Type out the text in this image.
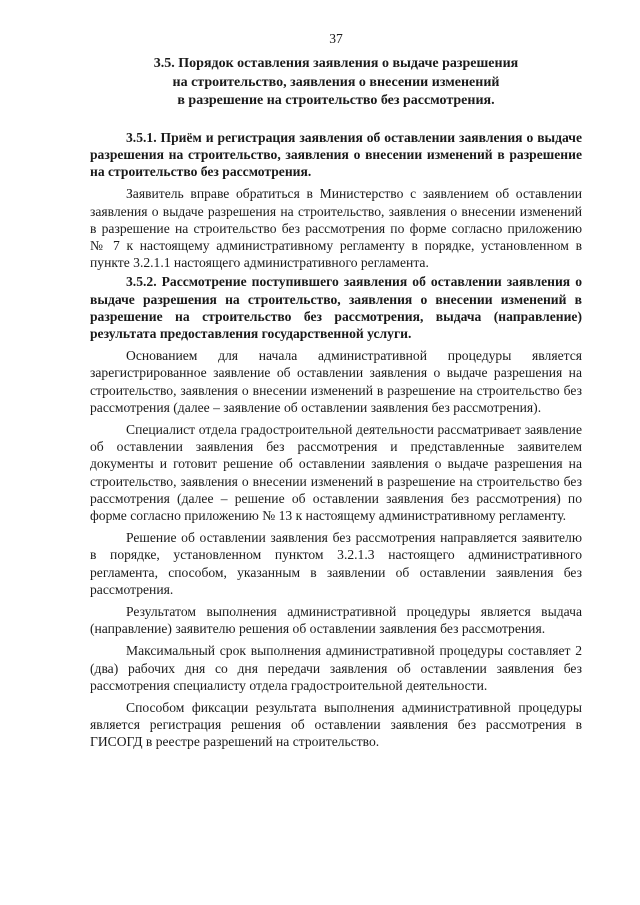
37
3.5. Порядок оставления заявления о выдаче разрешения
на строительство, заявления о внесении изменений
в разрешение на строительство без рассмотрения.

3.5.1. Приём и регистрация заявления об оставлении заявления о выдаче разрешения на строительство, заявления о внесении изменений в разрешение на строительство без рассмотрения.

Заявитель вправе обратиться в Министерство с заявлением об оставлении заявления о выдаче разрешения на строительство, заявления о внесении изменений в разрешение на строительство без рассмотрения по форме согласно приложению № 7 к настоящему административному регламенту в порядке, установленном в пункте 3.2.1.1 настоящего административного регламента.

3.5.2. Рассмотрение поступившего заявления об оставлении заявления о выдаче разрешения на строительство, заявления о внесении изменений в разрешение на строительство без рассмотрения, выдача (направление) результата предоставления государственной услуги.

Основанием для начала административной процедуры является зарегистрированное заявление об оставлении заявления о выдаче разрешения на строительство, заявления о внесении изменений в разрешение на строительство без рассмотрения (далее – заявление об оставлении заявления без рассмотрения).

Специалист отдела градостроительной деятельности рассматривает заявление об оставлении заявления без рассмотрения и представленные заявителем документы и готовит решение об оставлении заявления о выдаче разрешения на строительство, заявления о внесении изменений в разрешение на строительство без рассмотрения (далее – решение об оставлении заявления без рассмотрения) по форме согласно приложению № 13 к настоящему административному регламенту.

Решение об оставлении заявления без рассмотрения направляется заявителю в порядке, установленном пунктом 3.2.1.3 настоящего административного регламента, способом, указанным в заявлении об оставлении заявления без рассмотрения.

Результатом выполнения административной процедуры является выдача (направление) заявителю решения об оставлении заявления без рассмотрения.

Максимальный срок выполнения административной процедуры составляет 2 (два) рабочих дня со дня передачи заявления об оставлении заявления без рассмотрения специалисту отдела градостроительной деятельности.

Способом фиксации результата выполнения административной процедуры является регистрация решения об оставлении заявления без рассмотрения в ГИСОГД в реестре разрешений на строительство.
